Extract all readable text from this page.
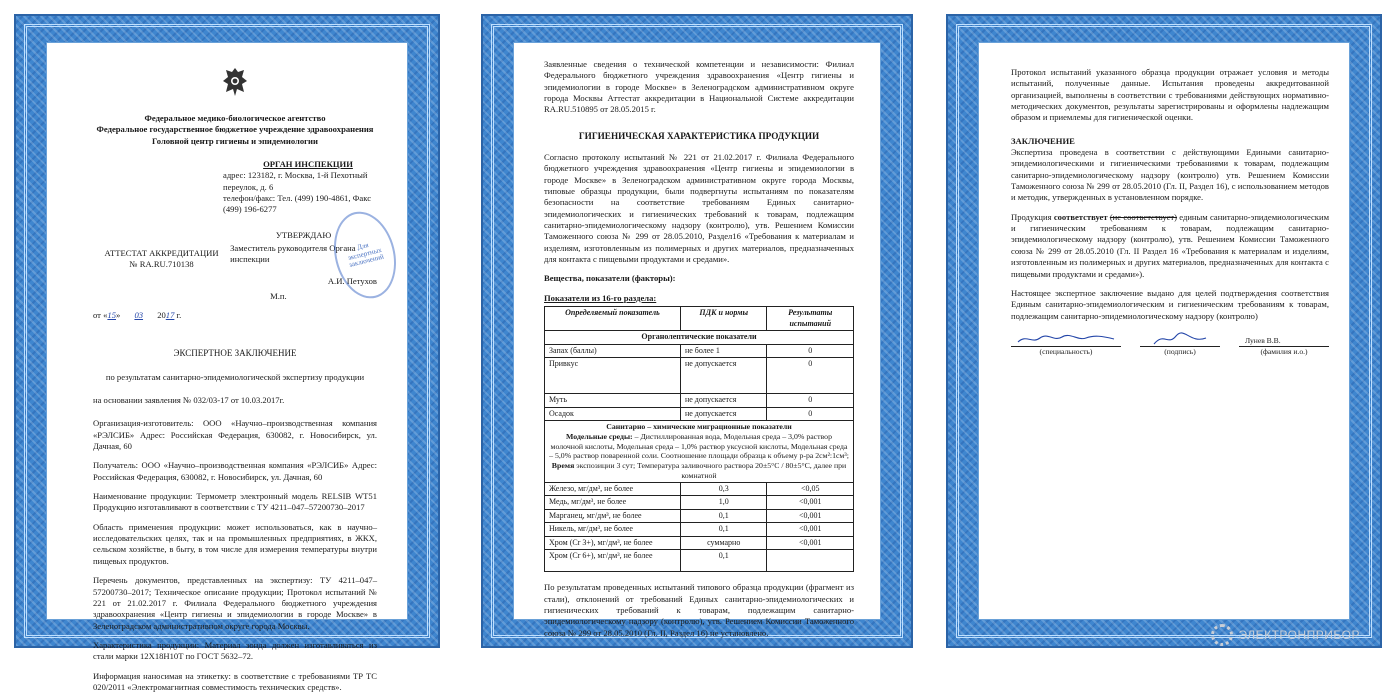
Федеральное медико-биологическое агентство
Федеральное государственное бюджетное учреждение здравоохранения
Головной центр гигиены и эпидемиологии
ОРГАН ИНСПЕКЦИИ
адрес: 123182, г. Москва, 1-й Пехотный переулок, д. 6
телефон/факс: Тел. (499) 190-4861, Факс (499) 196-6277
АТТЕСТАТ АККРЕДИТАЦИИ
№ RA.RU.710138
УТВЕРЖДАЮ
Заместитель руководителя Органа инспекции
А.И. Петухов
М.п.
Для экспертных заключений
от «15» 03 2017 г.
ЭКСПЕРТНОЕ ЗАКЛЮЧЕНИЕ
по результатам санитарно-эпидемиологической экспертизу продукции
на основании заявления № 032/03-17 от 10.03.2017г.
Организация-изготовитель: ООО «Научно–производственная компания «РЭЛСИБ» Адрес: Российская Федерация, 630082, г. Новосибирск, ул. Дачная, 60
Получатель: ООО «Научно–производственная компания «РЭЛСИБ» Адрес: Российская Федерация, 630082, г. Новосибирск, ул. Дачная, 60
Наименование продукции: Термометр электронный модель RELSIB WT51 Продукцию изготавливают в соответствии с ТУ 4211–047–57200730–2017
Область применения продукции: может использоваться, как в научно–исследовательских целях, так и на промышленных предприятиях, в ЖКХ, сельском хозяйстве, в быту, в том числе для измерения температуры внутри пищевых продуктов.
Перечень документов, представленных на экспертизу: ТУ 4211–047–57200730–2017; Техническое описание продукции; Протокол испытаний № 221 от 21.02.2017 г. Филиала Федерального бюджетного учреждения здравоохранения «Центр гигиены и эпидемиологии в городе Москве» в Зеленоградском административном округе города Москвы.
Характеристика продукции: Материал зонда должен изготавливаться из стали марки 12Х18Н10Т по ГОСТ 5632–72.
Информация наносимая на этикетку: в соответствие с требованиями ТР ТС 020/2011 «Электромагнитная совместимость технических средств».
Заявленные сведения о технической компетенции и независимости: Филиал Федерального бюджетного учреждения здравоохранения «Центр гигиены и эпидемиологии в городе Москве» в Зеленоградском административном округе города Москвы Аттестат аккредитации в Национальной Системе аккредитации RA.RU.510895 от 28.05.2015 г.
ГИГИЕНИЧЕСКАЯ ХАРАКТЕРИСТИКА ПРОДУКЦИИ
Согласно протоколу испытаний № 221 от 21.02.2017 г. Филиала Федерального бюджетного учреждения здравоохранения «Центр гигиены и эпидемиологии в городе Москве» в Зеленоградском административном округе города Москвы, типовые образцы продукции, были подвергнуты испытаниям по показателям безопасности на соответствие требованиям Единых санитарно-эпидемиологических и гигиенических требований к товарам, подлежащим санитарно-эпидемиологическому надзору (контролю), утв. Решением Комиссии Таможенного союза № 299 от 28.05.2010, Раздел16 «Требования к материалам и изделиям, изготовленным из полимерных и других материалов, предназначенных для контакта с пищевыми продуктами и средами».
Вещества, показатели (факторы):
Показатели из 16-го раздела:
Определяемый показатель	ПДК и нормы	Результаты испытаний
Органолептические показатели		
Запах (баллы)	не более 1	0
Привкус	не допускается	0
Муть	не допускается	0
Осадок	не допускается	0

Санитарно – химические миграционные показатели
Модельные среды: – Дистиллированная вода, Модельная среда – 3,0% раствор молочной кислоты, Модельная среда – 1,0% раствор уксусной кислоты, Модельная среда – 5,0% раствор поваренной соли. Соотношение площади образца к объему р-ра 2см²:1см³; Время экспозиции 3 сут; Температура заливочного раствора 20±5°С / 80±5°С, далее при комнатной		
Железо, мг/дм³, не более	0,3	<0,05
Медь, мг/дм³, не более	1,0	<0,001
Марганец, мг/дм³, не более	0,1	<0,001
Никель, мг/дм³, не более	0,1	<0,001
Хром (Cr 3+), мг/дм³, не более	суммарно	<0,001
Хром (Cr 6+), мг/дм³, не более	0,1	
По результатам проведенных испытаний типового образца продукции (фрагмент из стали), отклонений от требований Единых санитарно-эпидемиологических и гигиенических требований к товарам, подлежащим санитарно-эпидемиологическому надзору (контролю), утв. Решением Комиссии Таможенного союза № 299 от 28.05.2010 (Гл. II, Раздел 16) не установлено.
Протокол испытаний указанного образца продукции отражает условия и методы испытаний, полученные данные. Испытания проведены аккредитованной организацией, выполнены в соответствии с требованиями действующих нормативно-методических документов, результаты зарегистрированы и оформлены надлежащим образом и приемлемы для гигиенической оценки.
ЗАКЛЮЧЕНИЕ
Экспертиза проведена в соответствии с действующими Едиными санитарно-эпидемиологическими и гигиеническими требованиями к товарам, подлежащим санитарно-эпидемиологическому надзору (контролю) утв. Решением Комиссии Таможенного союза № 299 от 28.05.2010 (Гл. II, Раздел 16), с использованием методов и методик, утвержденных в установленном порядке.
Продукция соответствует (не соответствует) единым санитарно-эпидемиологическим и гигиеническим требованиям к товарам, подлежащим санитарно-эпидемиологическому надзору (контролю), утв. Решением Комиссии Таможенного союза № 299 от 28.05.2010 (Гл. II Раздел 16 «Требования к материалам и изделиям, изготовленным из полимерных и других материалов, предназначенных для контакта с пищевыми продуктами и средами»).
Настоящее экспертное заключение выдано для целей подтверждения соответствия Единым санитарно-эпидемиологическим и гигиеническим требованиям к товарам, подлежащим санитарно-эпидемиологическому надзору (контролю)
(специальность)	(подпись)
Лунев В.В.
(фамилия и.о.)
ЭЛЕКТРОНПРИБОР
